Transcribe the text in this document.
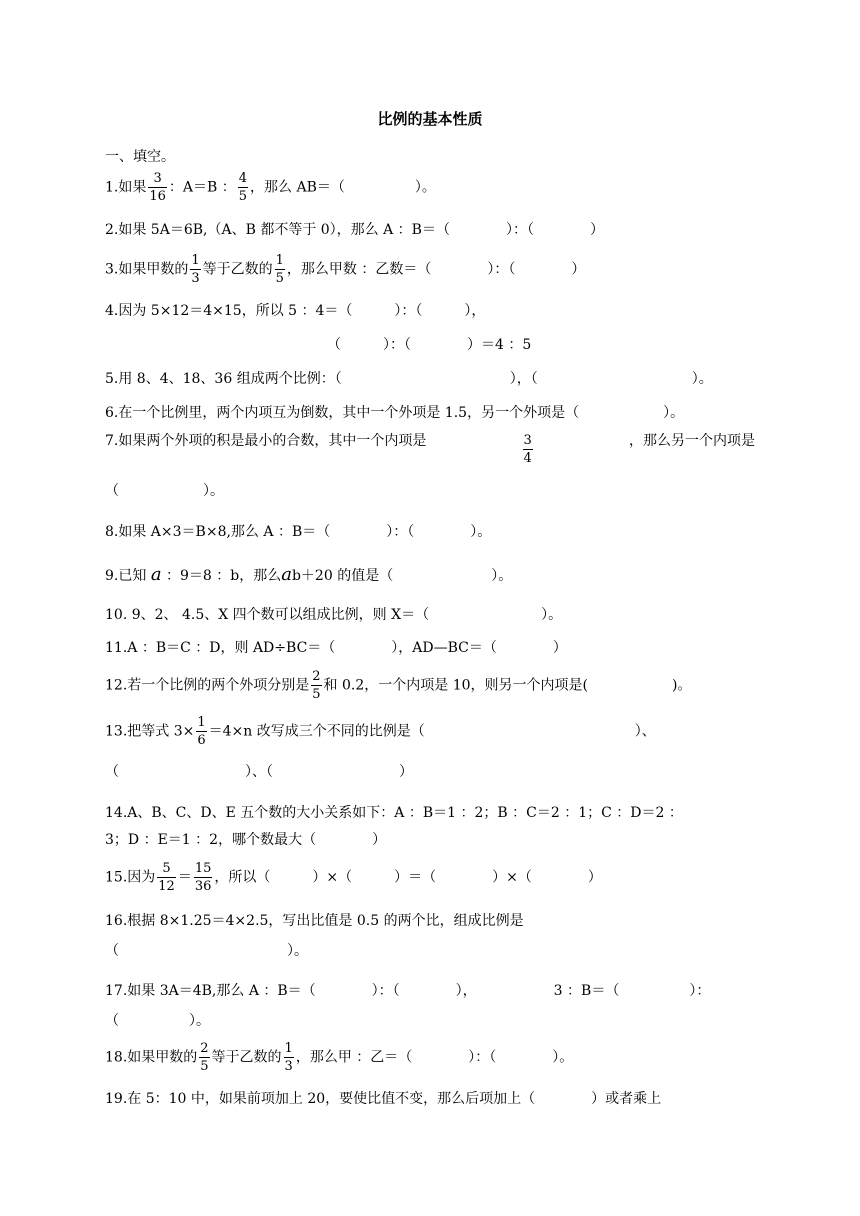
比例的基本性质
一、填空。
1.如果 $\frac{3}{16}$ ：A＝B ： $\frac{4}{5}$ ，那么 AB＝（　　　　　）。
2.如果 5A＝6B,（A、B 都不等于 0），那么 A ：B＝（　　　　）：（　　　　）
3.如果甲数的 $\frac{1}{3}$ 等于乙数的 $\frac{1}{5}$ ，那么甲数 ：乙数＝（　　　　）：（　　　　）
4.因为 5×12＝4×15，所以 5 ：4＝（　　　）：（　　　），
（　　　）：（　　　　）＝4 ：5
5.用 8、4、18、36 组成两个比例：（　　　　　　　　　　　　），（　　　　　　　　　　　）。
6.在一个比例里，两个内项互为倒数，其中一个外项是 1.5，另一个外项是（　　　　　　）。
7.如果两个外项的积是最小的合数，其中一个内项是	$\frac{3}{4}$	，那么另一个内项是
（　　　　　　）。
8.如果 A×3＝B×8,那么 A ：B＝（　　　　）：（　　　　）。
9.已知 a ：9＝8 ：b，那么ab＋20 的值是（　　　　　　　）。
10. 9、2、 4.5、X 四个数可以组成比例，则 X＝（　　　　　　　　）。
11.A ：B＝C ：D，则 AD÷BC＝（　　　　），AD—BC＝（　　　　）
12.若一个比例的两个外项分别是 $\frac{2}{5}$ 和 0.2，一个内项是 10，则另一个内项是(　　　　　　)。
13.把等式 $3\times \frac{1}{6} =4\times n$ 改写成三个不同的比例是（　　　　　　　　　　　　　　　）、
（　　　　　　　　　）、（　　　　　　　　　）
14.A、B、C、D、E 五个数的大小关系如下：A ：B＝1 ：2；B ：C＝2 ：1；C ：D＝2 ：
3；D ：E＝1 ：2，哪个数最大（　　　　）
15.因为 $\frac{5}{12} = \frac{15}{36}$ ，所以（　　　）×（　　　）＝（　　　　）×（　　　　）
16.根据 8×1.25＝4×2.5，写出比值是 0.5 的两个比，组成比例是
（　　　　　　　　　　　　）。
17.如果 3A＝4B,那么 A ：B＝（　　　　）：（　　　　），　　　　　　3 ：B＝（　　　　　）：
（　　　　　）。
18.如果甲数的 $\frac{2}{5}$ 等于乙数的 $\frac{1}{3}$ ，那么甲 ：乙＝（　　　　）：（　　　　）。
19.在 5：10 中，如果前项加上 20，要使比值不变，那么后项加上（　　　　）或者乘上
